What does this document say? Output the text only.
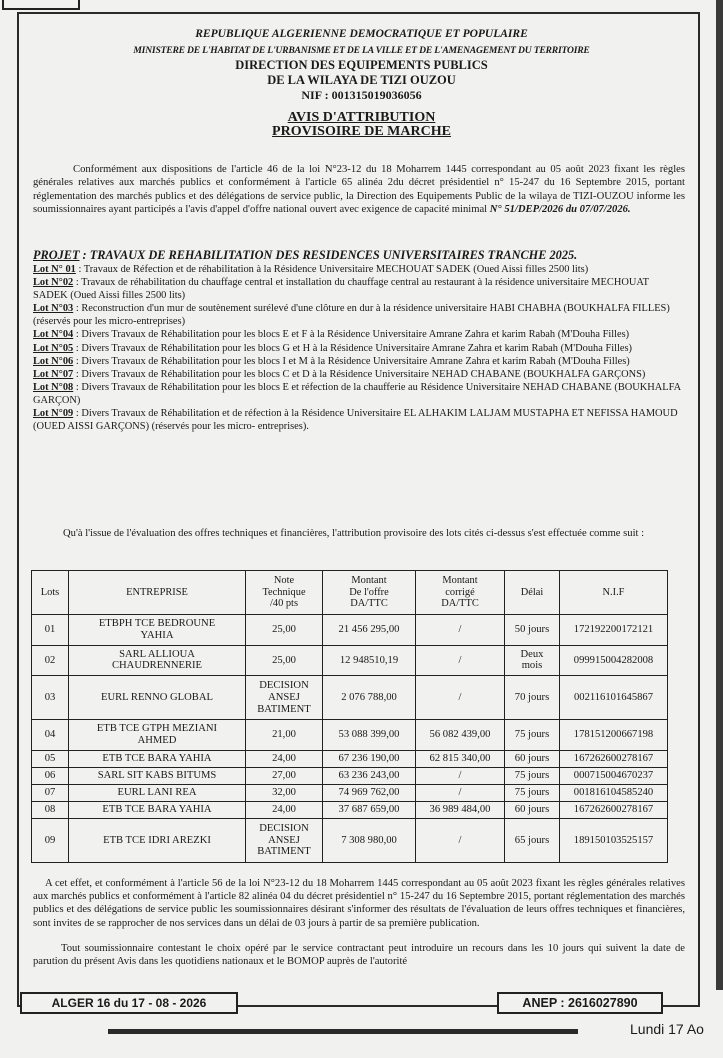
REPUBLIQUE ALGERIENNE DEMOCRATIQUE ET POPULAIRE
MINISTERE DE L'HABITAT DE L'URBANISME ET DE LA VILLE ET DE L'AMENAGEMENT DU TERRITOIRE
DIRECTION DES EQUIPEMENTS PUBLICS
DE LA WILAYA DE TIZI OUZOU
NIF : 001315019036056
AVIS D'ATTRIBUTION
PROVISOIRE DE MARCHE
Conformément aux dispositions de l'article 46 de la loi N°23-12 du 18 Moharrem 1445 correspondant au 05 août 2023 fixant les règles générales relatives aux marchés publics et conformément à l'article 65 alinéa 2du décret présidentiel n° 15-247 du 16 Septembre 2015, portant réglementation des marchés publics et des délégations de service public, la Direction des Equipements Public de la wilaya de TIZI-OUZOU informe les soumissionnaires ayant participés a l'avis d'appel d'offre national ouvert avec exigence de capacité minimal N° 51/DEP/2026 du 07/07/2026.
PROJET : TRAVAUX DE REHABILITATION DES RESIDENCES UNIVERSITAIRES TRANCHE 2025.

Lot N° 01 : Travaux de Réfection et de réhabilitation à la Résidence Universitaire MECHOUAT SADEK (Oued Aissi filles 2500 lits)

Lot N°02 : Travaux de réhabilitation du chauffage central et installation du chauffage central au restaurant à la résidence universitaire MECHOUAT SADEK (Oued Aissi filles 2500 lits)

Lot N°03 : Reconstruction d'un mur de soutènement surélevé d'une clôture en dur à la résidence universitaire HABI CHABHA (BOUKHALFA FILLES) (réservés pour les micro-entreprises)

Lot N°04 : Divers Travaux de Réhabilitation pour les blocs E et F à la Résidence Universitaire Amrane Zahra et karim Rabah (M'Douha Filles)

Lot N°05 : Divers Travaux de Réhabilitation pour les blocs G et H à la Résidence Universitaire Amrane Zahra et karim Rabah (M'Douha Filles)

Lot N°06 : Divers Travaux de Réhabilitation pour les blocs I et M à la Résidence Universitaire Amrane Zahra et karim Rabah (M'Douha Filles)

Lot N°07 : Divers Travaux de Réhabilitation pour les blocs C et D à la Résidence Universitaire NEHAD CHABANE (BOUKHALFA GARÇONS)

Lot N°08 : Divers Travaux de Réhabilitation pour les blocs E et réfection de la chaufferie au Résidence Universitaire NEHAD CHABANE (BOUKHALFA GARÇON)

Lot N°09 : Divers Travaux de Réhabilitation et de réfection à la Résidence Universitaire EL ALHAKIM LALJAM MUSTAPHA ET NEFISSA HAMOUD (OUED AISSI GARÇONS) (réservés pour les micro- entreprises).

Qu'à l'issue de l'évaluation des offres techniques et financières, l'attribution provisoire des lots cités ci-dessus s'est effectuée comme suit :
Lots	ENTREPRISE	Note
Technique
/40 pts	Montant
De l'offre
DA/TTC	Montant
corrigé
DA/TTC	Délai	N.I.F
01	ETBPH TCE BEDROUNE
YAHIA	25,00	21 456 295,00	/	50 jours	172192200172121
02	SARL ALLIOUA
CHAUDRENNERIE	25,00	12 948510,19	/	Deux
mois	099915004282008
03	EURL RENNO GLOBAL	DECISION
ANSEJ
BATIMENT	2 076 788,00	/	70 jours	002116101645867
04	ETB TCE GTPH MEZIANI
AHMED	21,00	53 088 399,00	56 082 439,00	75 jours	178151200667198
05	ETB TCE BARA YAHIA	24,00	67 236 190,00	62 815 340,00	60 jours	167262600278167
06	SARL SIT KABS BITUMS	27,00	63 236 243,00	/	75 jours	000715004670237
07	EURL LANI REA	32,00	74 969 762,00	/	75 jours	001816104585240
08	ETB TCE BARA YAHIA	24,00	37 687 659,00	36 989 484,00	60 jours	167262600278167
09	ETB TCE IDRI AREZKI	DECISION
ANSEJ
BATIMENT	7 308 980,00	/	65 jours	189150103525157
A cet effet, et conformément à l'article 56 de la loi N°23-12 du 18 Moharrem 1445 correspondant au 05 août 2023 fixant les règles générales relatives aux marchés publics et conformément à l'article 82 alinéa 04 du décret présidentiel n° 15-247 du 16 Septembre 2015, portant réglementation des marchés publics et des délégations de service public les soumissionnaires désirant s'informer des résultats de l'évaluation de leurs offres techniques et financières, sont invites de se rapprocher de nos services dans un délai de 03 jours à partir de sa première publication.
Tout soumissionnaire contestant le choix opéré par le service contractant peut introduire un recours dans les 10 jours qui suivent la date de parution du présent Avis dans les quotidiens nationaux et le BOMOP auprès de l'autorité
ALGER 16 du 17 - 08 - 2026	ANEP : 2616027890
Lundi 17 Ao
